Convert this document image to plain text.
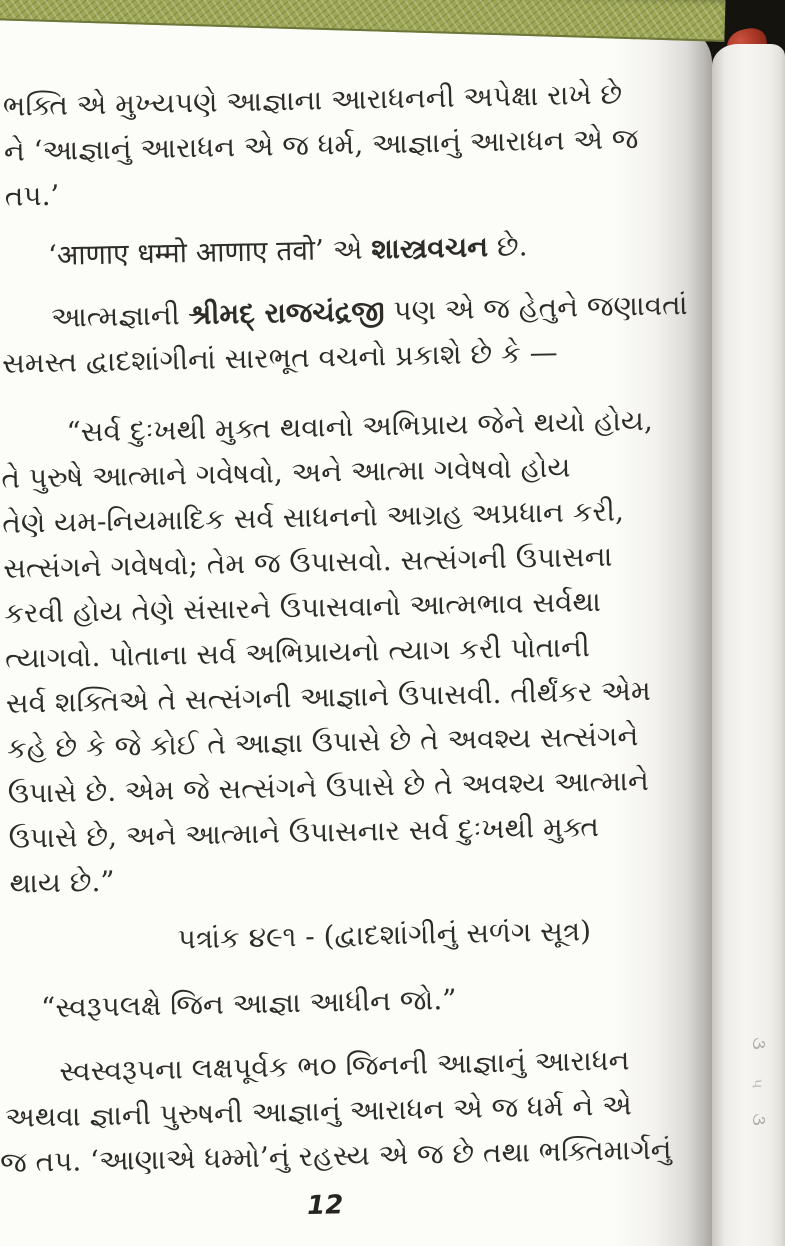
૩
૫
૩
ભક્તિ એ મુખ્યપણે આજ્ઞાના આરાધનની અપેક્ષા રાખે છે
ને ‘આજ્ઞાનું આરાધન એ જ ધર્મ, આજ્ઞાનું આરાધન એ જ
તપ.’
‘आणाए धम्मो आणाए तवो’ એ શાસ્ત્રવચન છે.
આત્મજ્ઞાની શ્રીમદ્ રાજચંદ્રજી પણ એ જ હેતુને જણાવતાં
સમસ્ત દ્વાદશાંગીનાં સારભૂત વચનો પ્રકાશે છે કે —
“સર્વ દુઃખથી મુક્ત થવાનો અભિપ્રાય જેને થયો હોય,
તે પુરુષે આત્માને ગવેષવો, અને આત્મા ગવેષવો હોય
તેણે યમ-નિયમાદિક સર્વ સાધનનો આગ્રહ અપ્રધાન કરી,
સત્સંગને ગવેષવો; તેમ જ ઉપાસવો. સત્સંગની ઉપાસના
કરવી હોય તેણે સંસારને ઉપાસવાનો આત્મભાવ સર્વથા
ત્યાગવો. પોતાના સર્વ અભિપ્રાયનો ત્યાગ કરી પોતાની
સર્વ શક્તિએ તે સત્સંગની આજ્ઞાને ઉપાસવી. તીર્થંકર એમ
કહે છે કે જે કોઈ તે આજ્ઞા ઉપાસે છે તે અવશ્ય સત્સંગને
ઉપાસે છે. એમ જે સત્સંગને ઉપાસે છે તે અવશ્ય આત્માને
ઉપાસે છે, અને આત્માને ઉપાસનાર સર્વ દુઃખથી મુક્ત
થાય છે.”
પત્રાંક ૪૯૧ - (દ્વાદશાંગીનું સળંગ સૂત્ર)
“સ્વરૂપલક્ષે જિન આજ્ઞા આધીન જો.”
સ્વસ્વરૂપના લક્ષપૂર્વક ભ૦ જિનની આજ્ઞાનું આરાધન
અથવા જ્ઞાની પુરુષની આજ્ઞાનું આરાધન એ જ ધર્મ ને એ
જ તપ. ‘આણાએ ધમ્મો’નું રહસ્ય એ જ છે તથા ભક્તિમાર્ગનું
12
